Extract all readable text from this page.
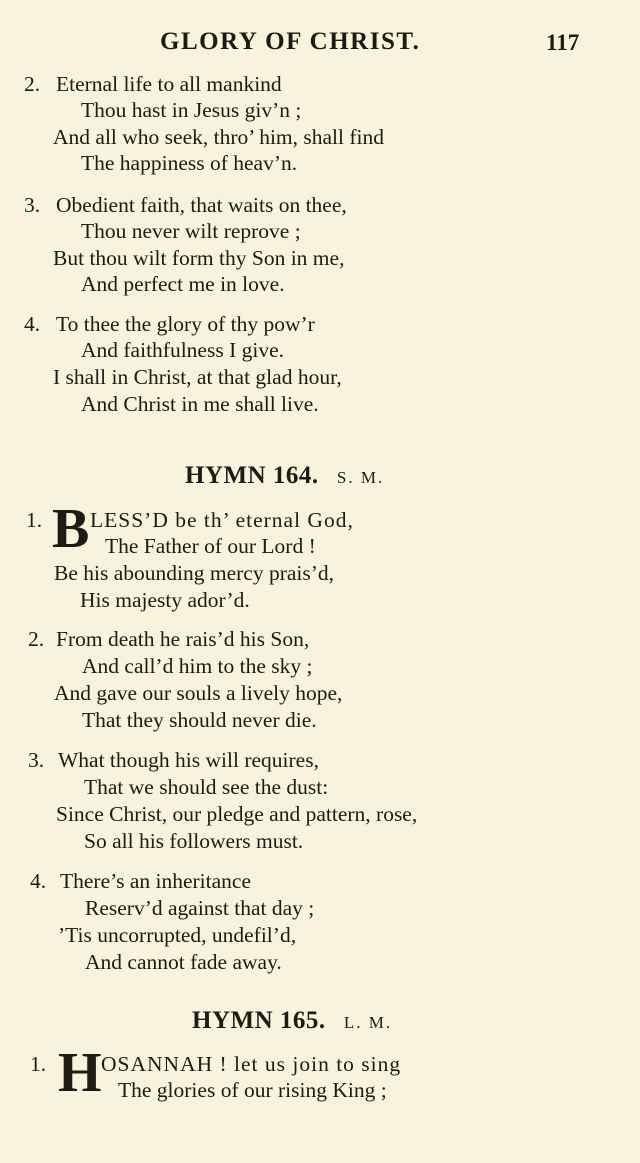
GLORY OF CHRIST.	117
2. Eternal life to all mankind
Thou hast in Jesus giv’n ;
And all who seek, thro’ him, shall find
The happiness of heav’n.
3. Obedient faith, that waits on thee,
Thou never wilt reprove ;
But thou wilt form thy Son in me,
And perfect me in love.
4. To thee the glory of thy pow’r
And faithfulness I give.
I shall in Christ, at that glad hour,
And Christ in me shall live.
HYMN 164. S. M.
1. B LESS’D be th’ eternal God,
The Father of our Lord !
Be his abounding mercy prais’d,
His majesty ador’d.
2. From death he rais’d his Son,
And call’d him to the sky ;
And gave our souls a lively hope,
That they should never die.
3. What though his will requires,
That we should see the dust:
Since Christ, our pledge and pattern, rose,
So all his followers must.
4. There’s an inheritance
Reserv’d against that day ;
’Tis uncorrupted, undefil’d,
And cannot fade away.
HYMN 165. L. M.
1. H OSANNAH ! let us join to sing
The glories of our rising King ;
